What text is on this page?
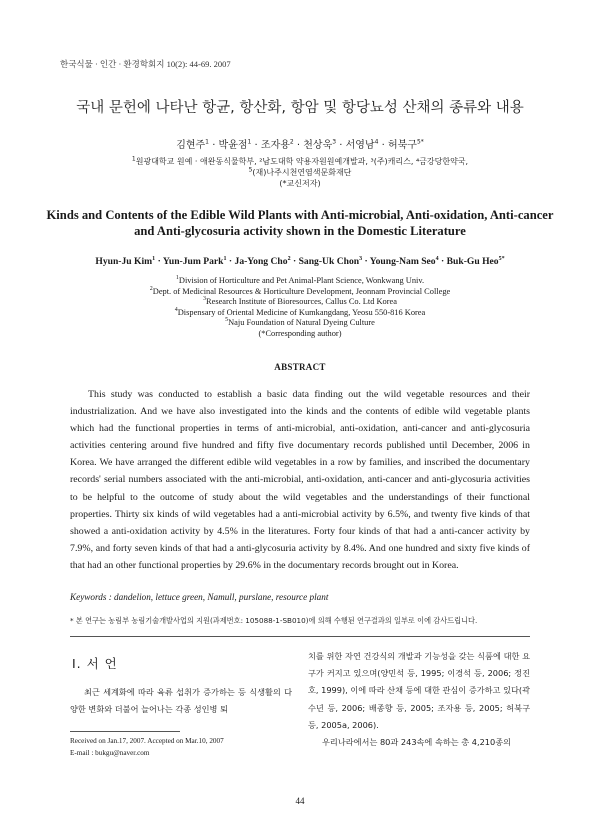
한국식물 · 인간 · 환경학회지 10(2): 44-69. 2007
국내 문헌에 나타난 항균, 항산화, 항암 및 항당뇨성 산채의 종류와 내용
김현주$^1$ · 박윤점$^1$ · 조자용$^2$ · 천상욱$^3$ · 서영남$^4$ · 허북구$^{5*}$
$^1$원광대학교 원예 · 애완동식물학부, ²남도대학 약용자원원예개발과, ³(주)캐리스, ⁴금강당한약국,
$^5$(재)나주시천연염색문화재단
(*교신저자)
Kinds and Contents of the Edible Wild Plants with Anti-microbial, Anti-oxidation, Anti-cancer and Anti-glycosuria activity shown in the Domestic Literature
Hyun-Ju Kim$^1$ · Yun-Jum Park$^1$ · Ja-Yong Cho$^2$ · Sang-Uk Chon$^3$ · Young-Nam Seo$^4$ · Buk-Gu Heo$^{5*}$
$^1$Division of Horticulture and Pet Animal-Plant Science, Wonkwang Univ.
$^2$Dept. of Medicinal Resources & Horticulture Development, Jeonnam Provincial College
$^3$Research Institute of Bioresources, Callus Co. Ltd Korea
$^4$Dispensary of Oriental Medicine of Kumkangdang, Yeosu 550-816 Korea
$^5$Naju Foundation of Natural Dyeing Culture
(*Corresponding author)
ABSTRACT
This study was conducted to establish a basic data finding out the wild vegetable resources and their industrialization. And we have also investigated into the kinds and the contents of edible wild vegetable plants which had the functional properties in terms of anti-microbial, anti-oxidation, anti-cancer and anti-glycosuria activities centering around five hundred and fifty five documentary records published until December, 2006 in Korea. We have arranged the different edible wild vegetables in a row by families, and inscribed the documentary records' serial numbers associated with the anti-microbial, anti-oxidation, anti-cancer and anti-glycosuria activities to be helpful to the outcome of study about the wild vegetables and the understandings of their functional properties. Thirty six kinds of wild vegetables had a anti-microbial activity by 6.5%, and twenty five kinds of that showed a anti-oxidation activity by 4.5% in the literatures. Forty four kinds of that had a anti-cancer activity by 7.9%, and forty seven kinds of that had a anti-glycosuria activity by 8.4%. And one hundred and sixty five kinds of that had an other functional properties by 29.6% in the documentary records brought out in Korea.
Keywords : dandelion, lettuce green, Namull, purslane, resource plant
* 본 연구는 농림부 농림기술개발사업의 지원(과제번호: 105088-1-SB010)에 의해 수행된 연구결과의 일부로 이에 감사드립니다.
I. 서 언
최근 세계화에 따라 육류 섭취가 증가하는 등 식생활의 다양한 변화와 더불어 늘어나는 각종 성인병 퇴
Received on Jan.17, 2007. Accepted on Mar.10, 2007
E-mail : bukgu@naver.com
치를 위한 자연 건강식의 개발과 기능성을 갖는 식품에 대한 요구가 커지고 있으며(양민석 등, 1995; 이경석 등, 2006; 정진호, 1999), 이에 따라 산채 등에 대한 관심이 증가하고 있다(곽수년 등, 2006; 배종향 등, 2005; 조자용 등, 2005; 허북구 등, 2005a, 2006).
우리나라에서는 80과 243속에 속하는 총 4,210종의
44
